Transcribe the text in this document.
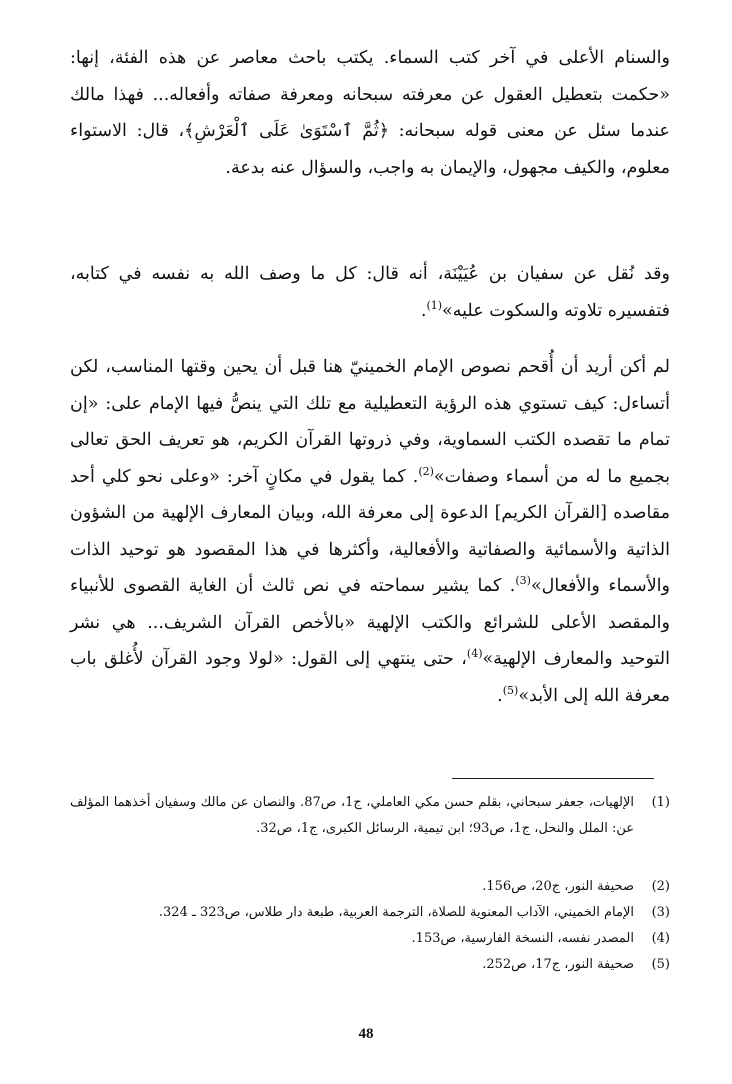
والسنام الأعلى في آخر كتب السماء. يكتب باحث معاصر عن هذه الفئة، إنها: «حكمت بتعطيل العقول عن معرفته سبحانه ومعرفة صفاته وأفعاله... فهذا مالك عندما سئل عن معنى قوله سبحانه: ﴿ثُمَّ ٱسْتَوَىٰ عَلَى ٱلْعَرْشِ﴾، قال: الاستواء معلوم، والكيف مجهول، والإيمان به واجب، والسؤال عنه بدعة.

وقد نُقل عن سفيان بن عُيَيْنَة، أنه قال: كل ما وصف الله به نفسه في كتابه، فتفسيره تلاوته والسكوت عليه»$^{(1)}$.

لم أكن أريد أن أُقحم نصوص الإمام الخمينيّ هنا قبل أن يحين وقتها المناسب، لكن أتساءل: كيف تستوي هذه الرؤية التعطيلية مع تلك التي ينصُّ فيها الإمام على: «إن تمام ما تقصده الكتب السماوية، وفي ذروتها القرآن الكريم، هو تعريف الحق تعالى بجميع ما له من أسماء وصفات»$^{(2)}$. كما يقول في مكانٍ آخر: «وعلى نحو كلي أحد مقاصده [القرآن الكريم] الدعوة إلى معرفة الله، وبيان المعارف الإلهية من الشؤون الذاتية والأسمائية والصفاتية والأفعالية، وأكثرها في هذا المقصود هو توحيد الذات والأسماء والأفعال»$^{(3)}$. كما يشير سماحته في نص ثالث أن الغاية القصوى للأنبياء والمقصد الأعلى للشرائع والكتب الإلهية «بالأخص القرآن الشريف... هي نشر التوحيد والمعارف الإلهية»$^{(4)}$، حتى ينتهي إلى القول: «لولا وجود القرآن لأُغلق باب معرفة الله إلى الأبد»$^{(5)}$.

(1)
الإلهيات، جعفر سبحاني، بقلم حسن مكي العاملي، ج1، ص87. والنصان عن مالك وسفيان أخذهما المؤلف عن: الملل والنحل، ج1، ص93؛ ابن تيمية، الرسائل الكبرى، ج1، ص32.
(2)
صحيفة النور، ج20، ص156.
(3)
الإمام الخميني، الآداب المعنوية للصلاة، الترجمة العربية، طبعة دار طلاس، ص323 ـ 324.
(4)
المصدر نفسه، النسخة الفارسية، ص153.
(5)
صحيفة النور، ج17، ص252.
48
